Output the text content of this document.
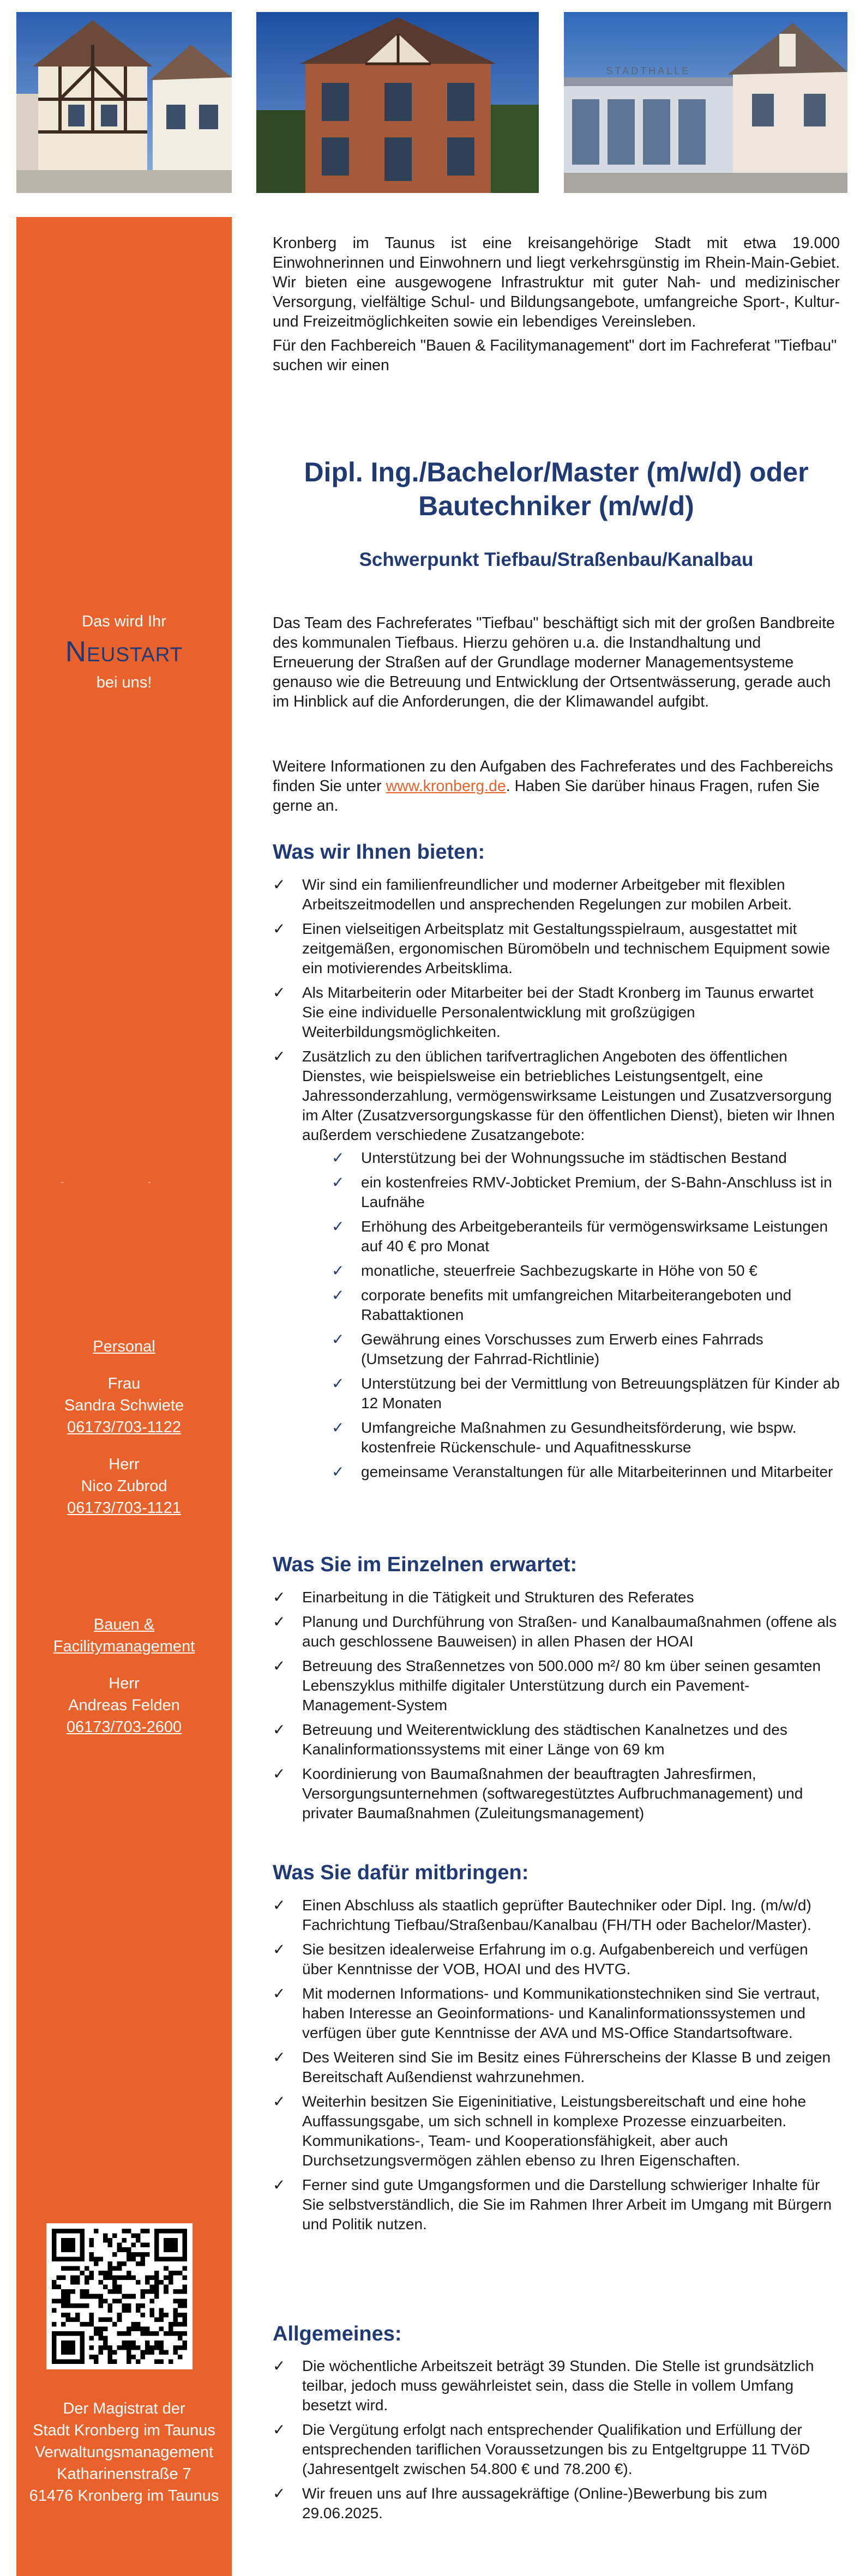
STADTHALLE
Das wird Ihr
Neustart
bei uns!
Personal
Frau
Sandra Schwiete
06173/703-1122
Herr
Nico Zubrod
06173/703-1121
Bauen &
Facilitymanagement
Herr
Andreas Felden
06173/703-2600
Der Magistrat der
Stadt Kronberg im Taunus
Verwaltungsmanagement
Katharinenstraße 7
61476 Kronberg im Taunus

Kronberg im Taunus ist eine kreisangehörige Stadt mit etwa 19.000 Einwohnerinnen und Einwohnern und liegt verkehrsgünstig im Rhein-Main-Gebiet. Wir bieten eine ausgewogene Infrastruktur mit guter Nah- und medizinischer Versorgung, vielfältige Schul- und Bildungsangebote, umfangreiche Sport-, Kultur-und Freizeitmöglichkeiten sowie ein lebendiges Vereinsleben.

Für den Fachbereich "Bauen & Facilitymanagement" dort im Fachreferat "Tiefbau" suchen wir einen

Dipl. Ing./Bachelor/Master (m/w/d) oder Bautechniker (m/w/d)
Schwerpunkt Tiefbau/Straßenbau/Kanalbau

Das Team des Fachreferates "Tiefbau" beschäftigt sich mit der großen Bandbreite des kommunalen Tiefbaus. Hierzu gehören u.a. die Instandhaltung und Erneuerung der Straßen auf der Grundlage moderner Managementsysteme genauso wie die Betreuung und Entwicklung der Ortsentwässerung, gerade auch im Hinblick auf die Anforderungen, die der Klimawandel aufgibt.

Weitere Informationen zu den Aufgaben des Fachreferates und des Fachbereichs finden Sie unter www.kronberg.de. Haben Sie darüber hinaus Fragen, rufen Sie gerne an.

Was wir Ihnen bieten:
✓	Wir sind ein familienfreundlicher und moderner Arbeitgeber mit flexiblen Arbeitszeitmodellen und ansprechenden Regelungen zur mobilen Arbeit.
✓	Einen vielseitigen Arbeitsplatz mit Gestaltungsspielraum, ausgestattet mit zeitgemäßen, ergonomischen Büromöbeln und technischem Equipment sowie ein motivierendes Arbeitsklima.
✓	Als Mitarbeiterin oder Mitarbeiter bei der Stadt Kronberg im Taunus erwartet Sie eine individuelle Personalentwicklung mit großzügigen Weiterbildungsmöglichkeiten.
✓	Zusätzlich zu den üblichen tarifvertraglichen Angeboten des öffentlichen Dienstes, wie beispielsweise ein betriebliches Leistungsentgelt, eine Jahressonderzahlung, vermögenswirksame Leistungen und Zusatzversorgung im Alter (Zusatzversorgungskasse für den öffentlichen Dienst), bieten wir Ihnen außerdem verschiedene Zusatzangebote:
✓	Unterstützung bei der Wohnungssuche im städtischen Bestand
✓	ein kostenfreies RMV-Jobticket Premium, der S-Bahn-Anschluss ist in Laufnähe
✓	Erhöhung des Arbeitgeberanteils für vermögenswirksame Leistungen auf 40 € pro Monat
✓	monatliche, steuerfreie Sachbezugskarte in Höhe von 50 €
✓	corporate benefits mit umfangreichen Mitarbeiterangeboten und Rabattaktionen
✓	Gewährung eines Vorschusses zum Erwerb eines Fahrrads (Umsetzung der Fahrrad-Richtlinie)
✓	Unterstützung bei der Vermittlung von Betreuungsplätzen für Kinder ab 12 Monaten
✓	Umfangreiche Maßnahmen zu Gesundheitsförderung, wie bspw. kostenfreie Rückenschule- und Aquafitnesskurse
✓	gemeinsame Veranstaltungen für alle Mitarbeiterinnen und Mitarbeiter
Was Sie im Einzelnen erwartet:
✓	Einarbeitung in die Tätigkeit und Strukturen des Referates
✓	Planung und Durchführung von Straßen- und Kanalbaumaßnahmen (offene als auch geschlossene Bauweisen) in allen Phasen der HOAI
✓	Betreuung des Straßennetzes von 500.000 m²/ 80 km über seinen gesamten Lebenszyklus mithilfe digitaler Unterstützung durch ein Pavement-Management-System
✓	Betreuung und Weiterentwicklung des städtischen Kanalnetzes und des Kanalinformationssystems mit einer Länge von 69 km
✓	Koordinierung von Baumaßnahmen der beauftragten Jahresfirmen, Versorgungsunternehmen (softwaregestütztes Aufbruchmanagement) und privater Baumaßnahmen (Zuleitungsmanagement)
Was Sie dafür mitbringen:
✓	Einen Abschluss als staatlich geprüfter Bautechniker oder Dipl. Ing. (m/w/d) Fachrichtung Tiefbau/Straßenbau/Kanalbau (FH/TH oder Bachelor/Master).
✓	Sie besitzen idealerweise Erfahrung im o.g. Aufgabenbereich und verfügen über Kenntnisse der VOB, HOAI und des HVTG.
✓	Mit modernen Informations- und Kommunikationstechniken sind Sie vertraut, haben Interesse an Geoinformations- und Kanalinformationssystemen und verfügen über gute Kenntnisse der AVA und MS-Office Standartsoftware.
✓	Des Weiteren sind Sie im Besitz eines Führerscheins der Klasse B und zeigen Bereitschaft Außendienst wahrzunehmen.
✓	Weiterhin besitzen Sie Eigeninitiative, Leistungsbereitschaft und eine hohe Auffassungsgabe, um sich schnell in komplexe Prozesse einzuarbeiten. Kommunikations-, Team- und Kooperationsfähigkeit, aber auch Durchsetzungsvermögen zählen ebenso zu Ihren Eigenschaften.
✓	Ferner sind gute Umgangsformen und die Darstellung schwieriger Inhalte für Sie selbstverständlich, die Sie im Rahmen Ihrer Arbeit im Umgang mit Bürgern und Politik nutzen.
Allgemeines:
✓	Die wöchentliche Arbeitszeit beträgt 39 Stunden. Die Stelle ist grundsätzlich teilbar, jedoch muss gewährleistet sein, dass die Stelle in vollem Umfang besetzt wird.
✓	Die Vergütung erfolgt nach entsprechender Qualifikation und Erfüllung der entsprechenden tariflichen Voraussetzungen bis zu Entgeltgruppe 11 TVöD (Jahresentgelt zwischen 54.800 € und 78.200 €).
✓	Wir freuen uns auf Ihre aussagekräftige (Online-)Bewerbung bis zum 29.06.2025.
